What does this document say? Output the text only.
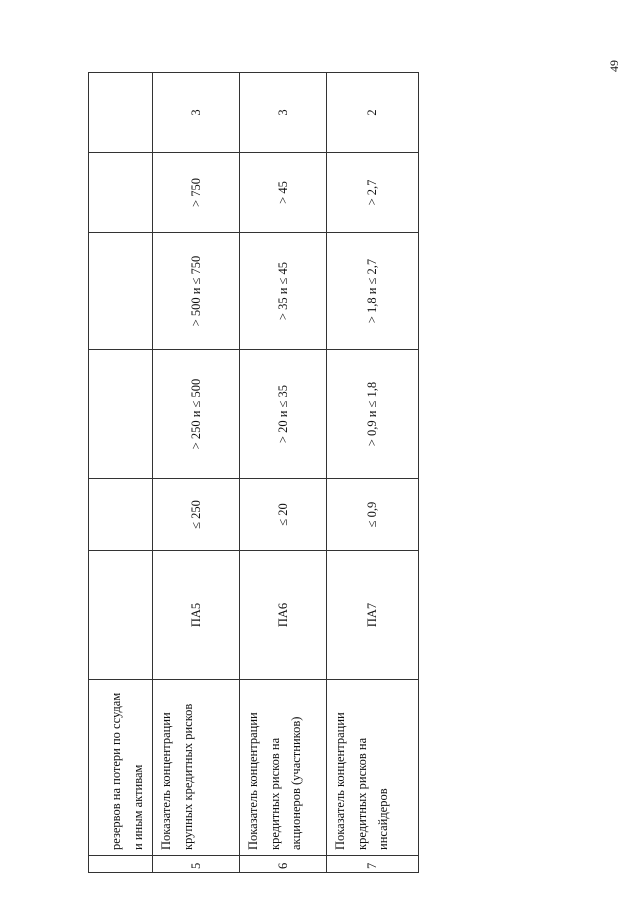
49
	резервов на потери по ссудам и иным активам						
5	Показатель концентрации крупных кредитных рисков	ПА5	≤ 250	> 250 и ≤ 500	> 500 и ≤ 750	> 750	3
6	Показатель концентрации кредитных рисков на акционеров (участников)	ПА6	≤ 20	> 20 и ≤ 35	> 35 и ≤ 45	> 45	3
7	Показатель концентрации кредитных рисков на инсайдеров	ПА7	≤ 0,9	> 0,9 и ≤ 1,8	> 1,8 и ≤ 2,7	> 2,7	2
